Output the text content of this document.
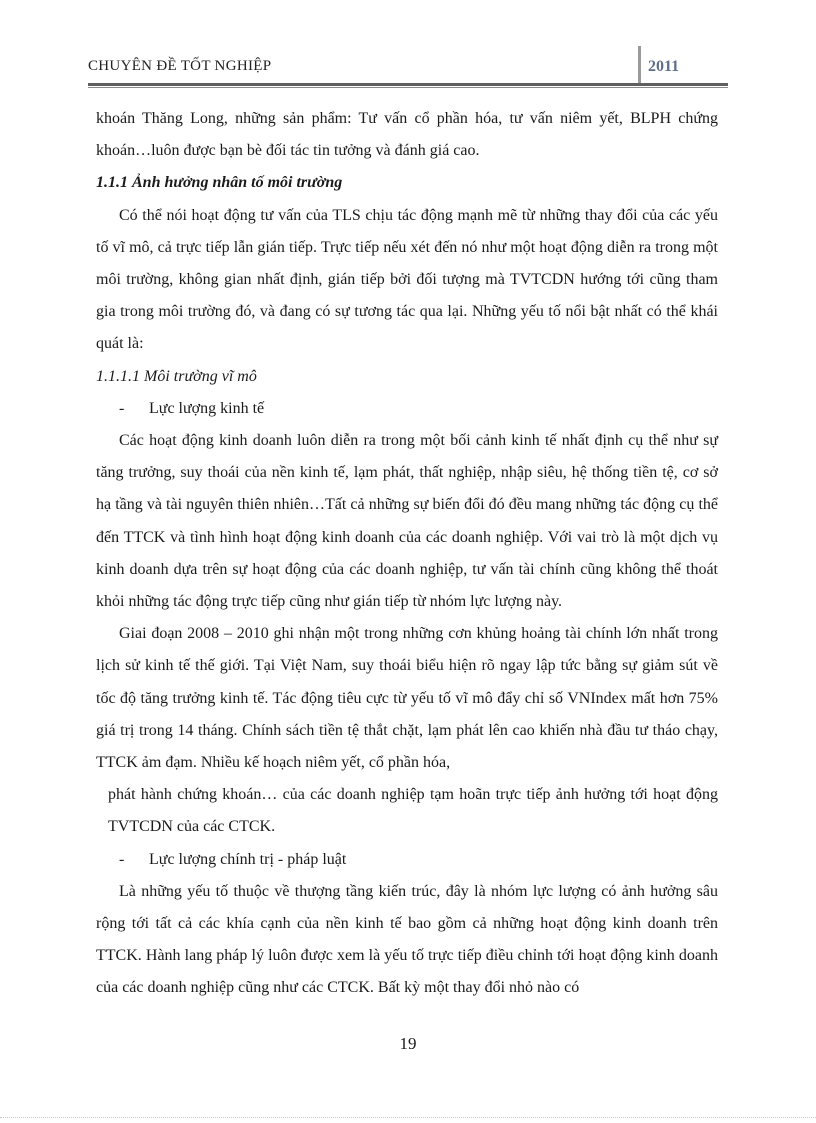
CHUYÊN ĐỀ TỐT NGHIỆP	2011

khoán Thăng Long, những sản phẩm: Tư vấn cổ phần hóa, tư vấn niêm yết, BLPH chứng khoán…luôn được bạn bè đối tác tin tưởng và đánh giá cao.

1.1.1 Ảnh hưởng nhân tố môi trường

Có thể nói hoạt động tư vấn của TLS chịu tác động mạnh mẽ từ những thay đổi của các yếu tố vĩ mô, cả trực tiếp lẫn gián tiếp. Trực tiếp nếu xét đến nó như một hoạt động diễn ra trong một môi trường, không gian nhất định, gián tiếp bởi đối tượng mà TVTCDN hướng tới cũng tham gia trong môi trường đó, và đang có sự tương tác qua lại. Những yếu tố nổi bật nhất có thể khái quát là:

1.1.1.1 Môi trường vĩ mô

- Lực lượng kinh tế

Các hoạt động kinh doanh luôn diễn ra trong một bối cảnh kinh tế nhất định cụ thể như sự tăng trưởng, suy thoái của nền kinh tế, lạm phát, thất nghiệp, nhập siêu, hệ thống tiền tệ, cơ sở hạ tầng và tài nguyên thiên nhiên…Tất cả những sự biến đổi đó đều mang những tác động cụ thể đến TTCK và tình hình hoạt động kinh doanh của các doanh nghiệp. Với vai trò là một dịch vụ kinh doanh dựa trên sự hoạt động của các doanh nghiệp, tư vấn tài chính cũng không thể thoát khỏi những tác động trực tiếp cũng như gián tiếp từ nhóm lực lượng này.

Giai đoạn 2008 – 2010 ghi nhận một trong những cơn khủng hoảng tài chính lớn nhất trong lịch sử kinh tế thế giới. Tại Việt Nam, suy thoái biểu hiện rõ ngay lập tức bằng sự giảm sút về tốc độ tăng trưởng kinh tế. Tác động tiêu cực từ yếu tố vĩ mô đẩy chỉ số VNIndex mất hơn 75% giá trị trong 14 tháng. Chính sách tiền tệ thắt chặt, lạm phát lên cao khiến nhà đầu tư tháo chạy, TTCK ảm đạm. Nhiều kế hoạch niêm yết, cổ phần hóa,

phát hành chứng khoán… của các doanh nghiệp tạm hoãn trực tiếp ảnh hưởng tới hoạt động TVTCDN của các CTCK.

- Lực lượng chính trị - pháp luật

Là những yếu tố thuộc về thượng tầng kiến trúc, đây là nhóm lực lượng có ảnh hưởng sâu rộng tới tất cả các khía cạnh của nền kinh tế bao gồm cả những hoạt động kinh doanh trên TTCK. Hành lang pháp lý luôn được xem là yếu tố trực tiếp điều chỉnh tới hoạt động kinh doanh của các doanh nghiệp cũng như các CTCK. Bất kỳ một thay đổi nhỏ nào có

19
